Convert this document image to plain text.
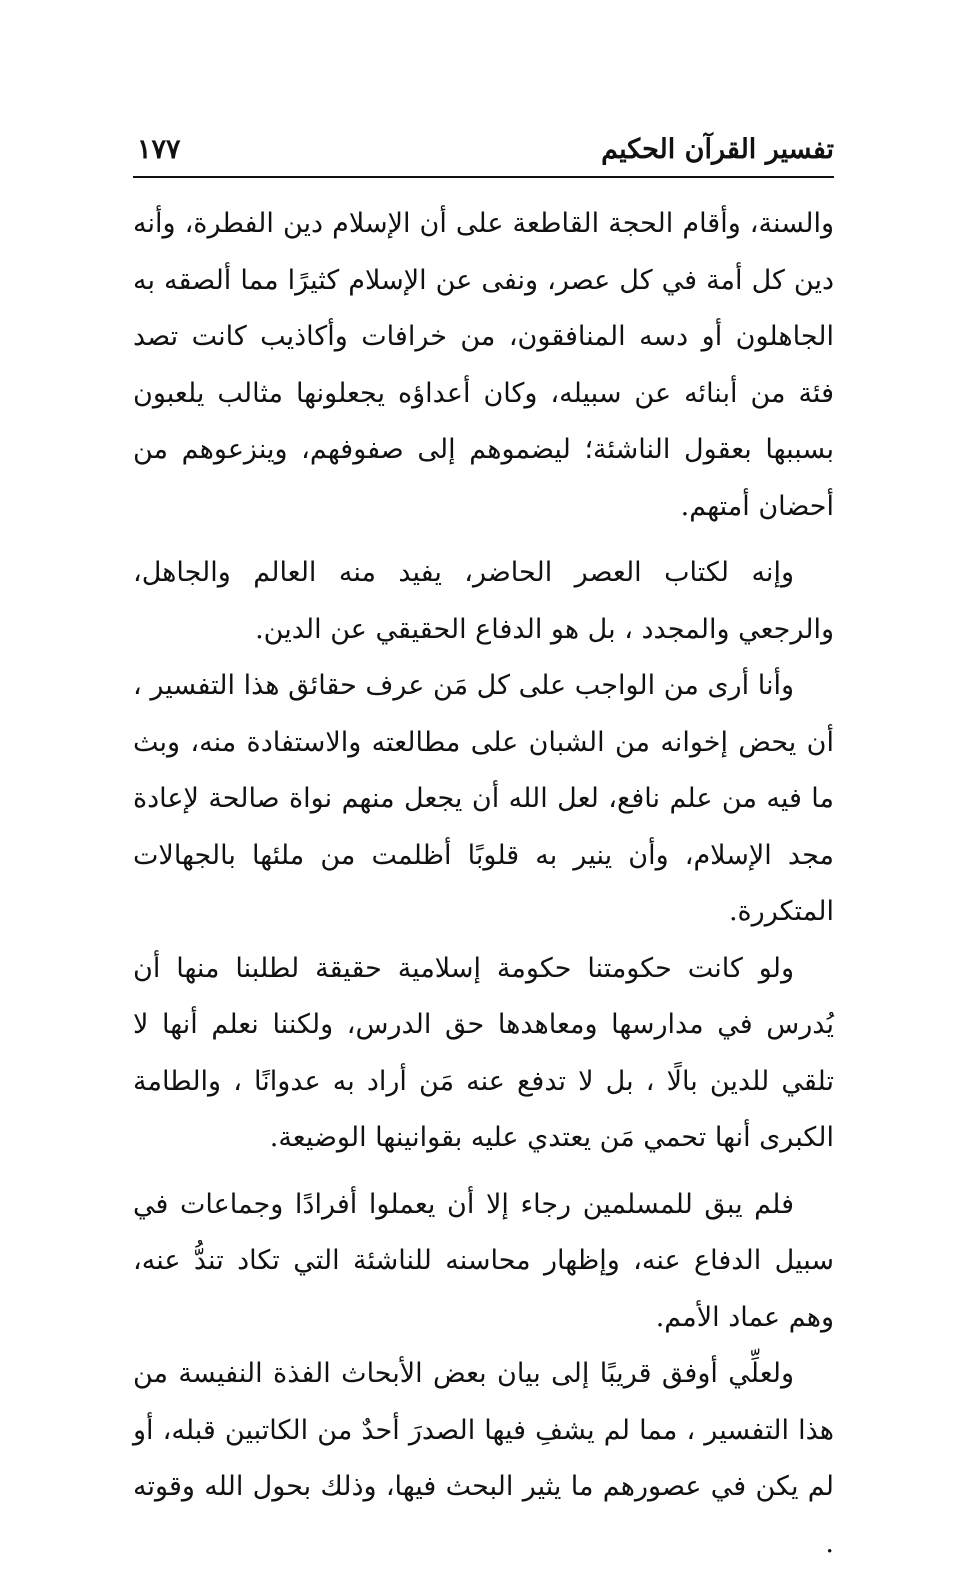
تفسير القرآن الحكيم
١٧٧

والسنة، وأقام الحجة القاطعة على أن الإسلام دين الفطرة، وأنه دين كل أمة في كل عصر، ونفى عن الإسلام كثيرًا مما ألصقه به الجاهلون أو دسه المنافقون، من خرافات وأكاذيب كانت تصد فئة من أبنائه عن سبيله، وكان أعداؤه يجعلونها مثالب يلعبون بسببها بعقول الناشئة؛ ليضموهم إلى صفوفهم، وينزعوهم من أحضان أمتهم.

وإنه لكتاب العصر الحاضر، يفيد منه العالم والجاهل، والرجعي والمجدد ، بل هو الدفاع الحقيقي عن الدين.

وأنا أرى من الواجب على كل مَن عرف حقائق هذا التفسير ، أن يحض إخوانه من الشبان على مطالعته والاستفادة منه، وبث ما فيه من علم نافع، لعل الله أن يجعل منهم نواة صالحة لإعادة مجد الإسلام، وأن ينير به قلوبًا أظلمت من ملئها بالجهالات المتكررة.

ولو كانت حكومتنا حكومة إسلامية حقيقة لطلبنا منها أن يُدرس في مدارسها ومعاهدها حق الدرس، ولكننا نعلم أنها لا تلقي للدين بالًا ، بل لا تدفع عنه مَن أراد به عدوانًا ، والطامة الكبرى أنها تحمي مَن يعتدي عليه بقوانينها الوضيعة.

فلم يبق للمسلمين رجاء إلا أن يعملوا أفرادًا وجماعات في سبيل الدفاع عنه، وإظهار محاسنه للناشئة التي تكاد تندُّ عنه، وهم عماد الأمم.

ولعلِّي أوفق قريبًا إلى بيان بعض الأبحاث الفذة النفيسة من هذا التفسير ، مما لم يشفِ فيها الصدرَ أحدٌ من الكاتبين قبله، أو لم يكن في عصورهم ما يثير البحث فيها، وذلك بحول الله وقوته .
